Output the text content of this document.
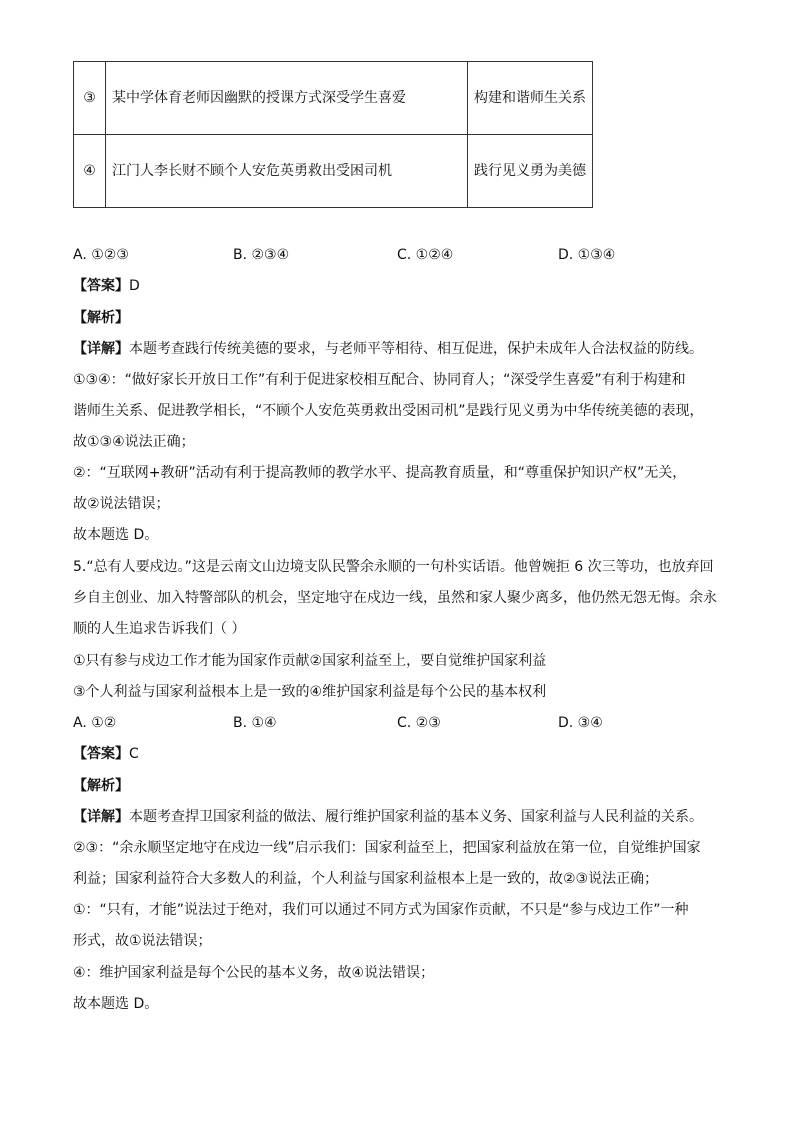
③	某中学体育老师因幽默的授课方式深受学生喜爱	构建和谐师生关系
④	江门人李长财不顾个人安危英勇救出受困司机	践行见义勇为美德
A. ①②③	B. ②③④	C. ①②④	D. ①③④
【答案】D
【解析】
【详解】本题考查践行传统美德的要求，与老师平等相待、相互促进，保护未成年人合法权益的防线。
①③④：“做好家长开放日工作”有利于促进家校相互配合、协同育人；“深受学生喜爱”有利于构建和
谐师生关系、促进教学相长，“不顾个人安危英勇救出受困司机”是践行见义勇为中华传统美德的表现，
故①③④说法正确；
②：“互联网+教研”活动有利于提高教师的教学水平、提高教育质量，和“尊重保护知识产权”无关，
故②说法错误；
故本题选 D。
5.“总有人要戍边。”这是云南文山边境支队民警余永顺的一句朴实话语。他曾婉拒 6 次三等功，也放弃回
乡自主创业、加入特警部队的机会，坚定地守在戍边一线，虽然和家人聚少离多，他仍然无怨无悔。余永
顺的人生追求告诉我们（ ）
①只有参与戍边工作才能为国家作贡献②国家利益至上，要自觉维护国家利益
③个人利益与国家利益根本上是一致的④维护国家利益是每个公民的基本权利
A. ①②	B. ①④	C. ②③	D. ③④
【答案】C
【解析】
【详解】本题考查捍卫国家利益的做法、履行维护国家利益的基本义务、国家利益与人民利益的关系。
②③：“余永顺坚定地守在戍边一线”启示我们：国家利益至上，把国家利益放在第一位，自觉维护国家
利益；国家利益符合大多数人的利益，个人利益与国家利益根本上是一致的，故②③说法正确；
①：“只有，才能”说法过于绝对，我们可以通过不同方式为国家作贡献，不只是“参与戍边工作”一种
形式，故①说法错误；
④：维护国家利益是每个公民的基本义务，故④说法错误；
故本题选 D。
